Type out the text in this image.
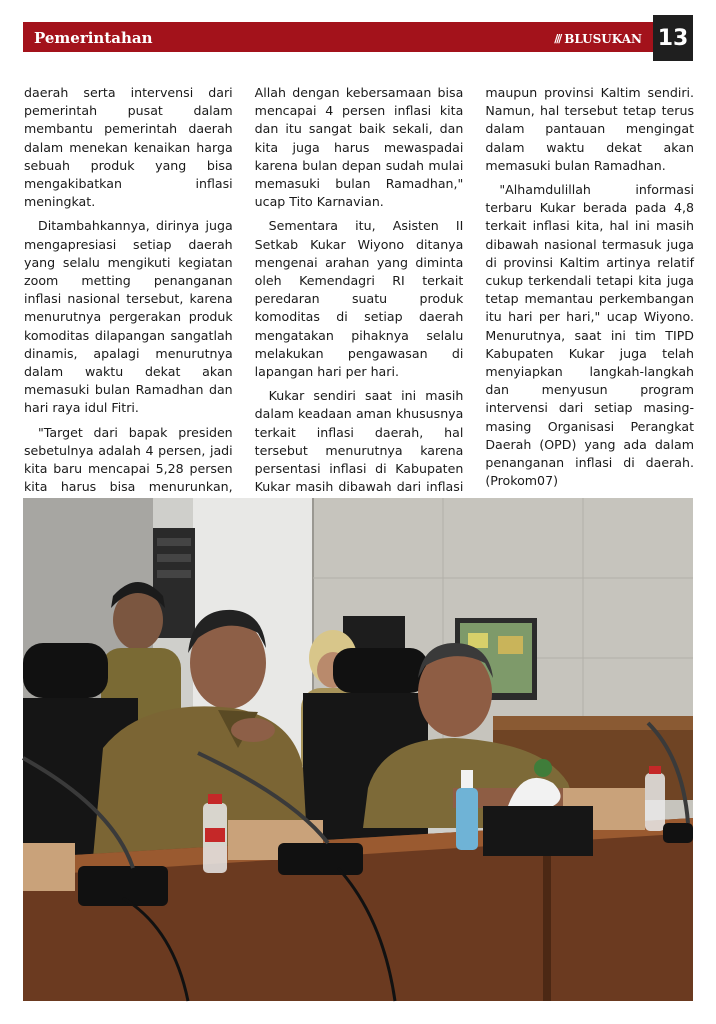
Pemerintahan	/// BLUSUKAN 13

daerah serta intervensi dari pemerintah pusat dalam membantu pemerintah daerah dalam menekan kenaikan harga sebuah produk yang bisa mengakibatkan inflasi meningkat.

Ditambahkannya, dirinya juga mengapresiasi setiap daerah yang selalu mengikuti kegiatan zoom metting penanganan inflasi nasional tersebut, karena menurutnya pergerakan produk komoditas dilapangan sangatlah dinamis, apalagi menurutnya dalam waktu dekat akan memasuki bulan Ramadhan dan hari raya idul Fitri.

"Target dari bapak presiden sebetulnya adalah 4 persen, jadi kita baru mencapai 5,28 persen kita harus bisa menurunkan,

Allah dengan kebersamaan bisa mencapai 4 persen inflasi kita dan itu sangat baik sekali, dan kita juga harus mewaspadai karena bulan depan sudah mulai memasuki bulan Ramadhan," ucap Tito Karnavian.

Sementara itu, Asisten II Setkab Kukar Wiyono ditanya mengenai arahan yang diminta oleh Kemendagri RI terkait peredaran suatu produk komoditas di setiap daerah mengatakan pihaknya selalu melakukan pengawasan di lapangan hari per hari.

Kukar sendiri saat ini masih dalam keadaan aman khususnya terkait inflasi daerah, hal tersebut menurutnya karena persentasi inflasi di Kabupaten Kukar masih dibawah dari inflasi

maupun provinsi Kaltim sendiri. Namun, hal tersebut tetap terus dalam pantauan mengingat dalam waktu dekat akan memasuki bulan Ramadhan.

"Alhamdulillah informasi terbaru Kukar berada pada 4,8 terkait inflasi kita, hal ini masih dibawah nasional termasuk juga di provinsi Kaltim artinya relatif cukup terkendali tetapi kita juga tetap memantau perkembangan itu hari per hari," ucap Wiyono. Menurutnya, saat ini tim TIPD Kabupaten Kukar juga telah menyiapkan langkah-langkah dan menyusun program intervensi dari setiap masing-masing Organisasi Perangkat Daerah (OPD) yang ada dalam penanganan inflasi di daerah. (Prokom07)
